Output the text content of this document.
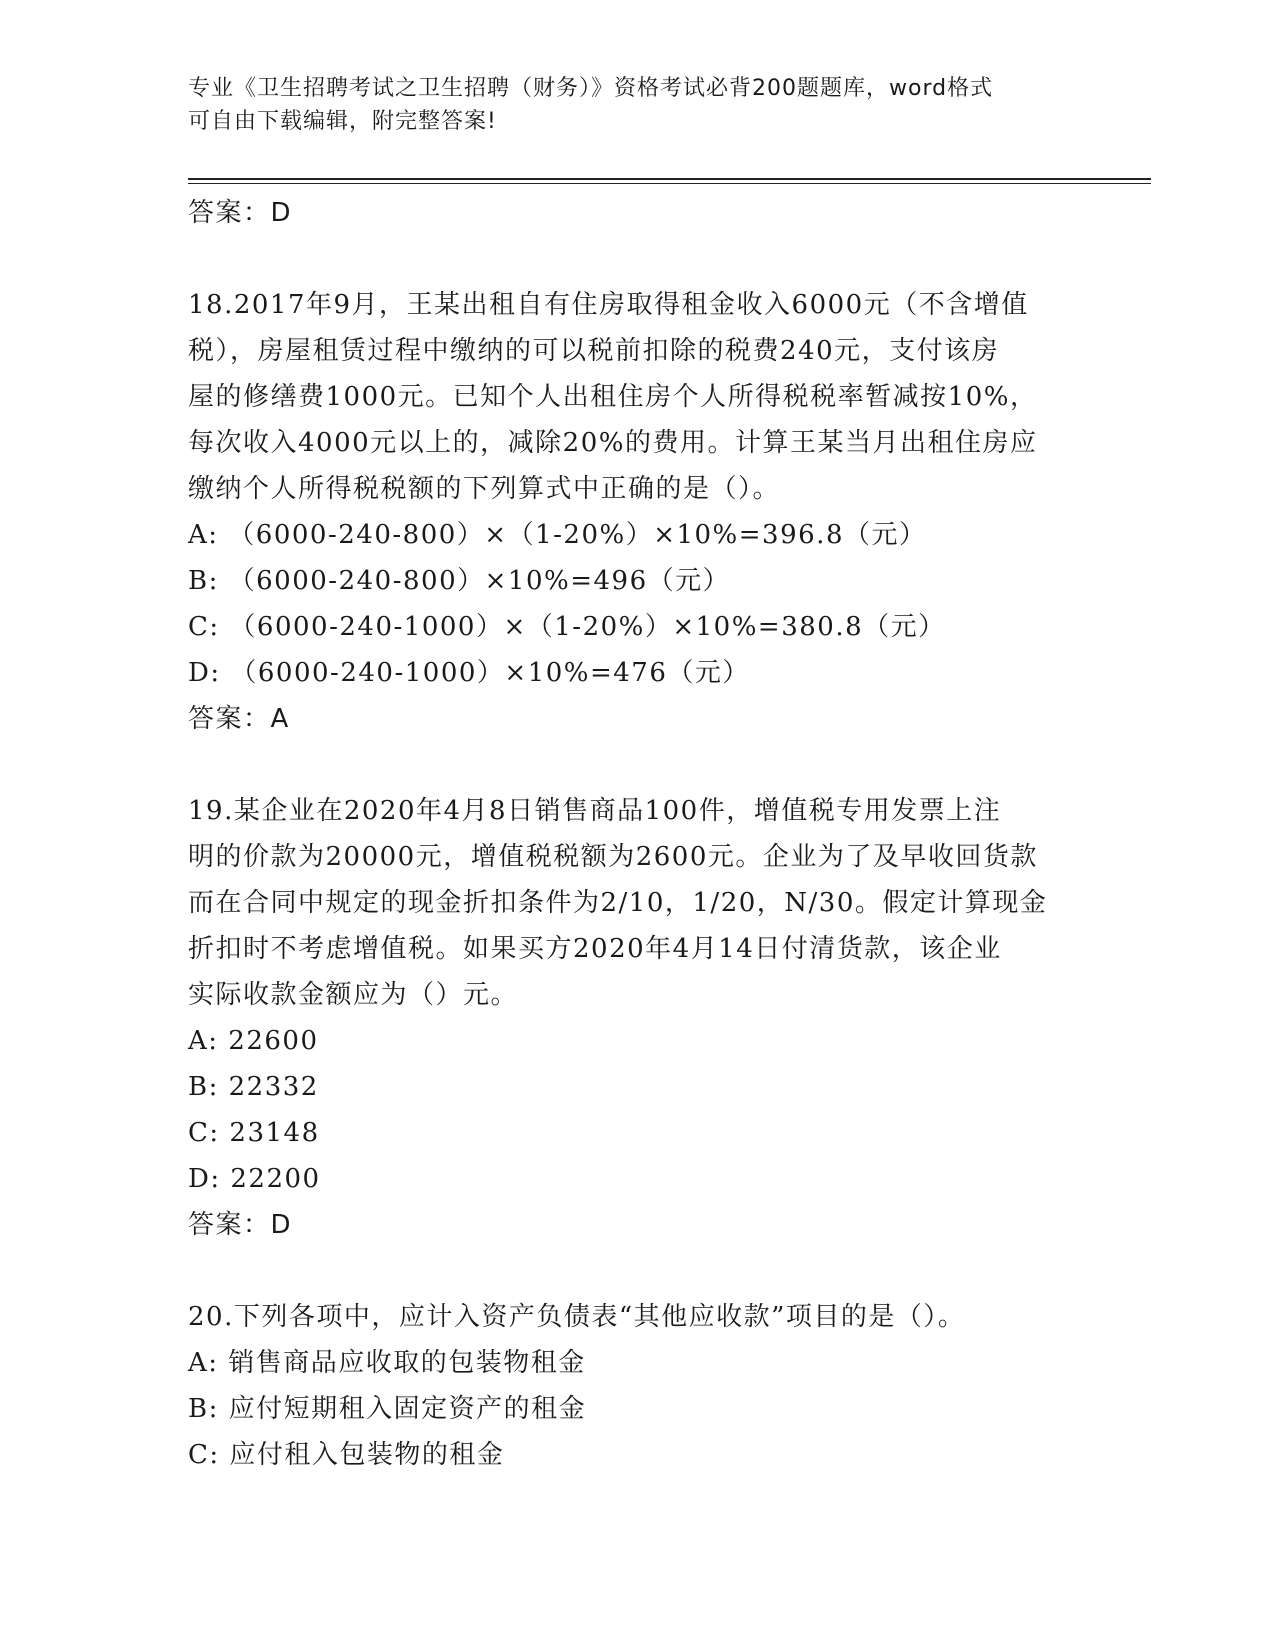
专业《卫生招聘考试之卫生招聘（财务）》资格考试必背200题题库，word格式
可自由下载编辑，附完整答案!
答案：D
18.2017年9月，王某出租自有住房取得租金收入6000元（不含增值
税），房屋租赁过程中缴纳的可以税前扣除的税费240元，支付该房
屋的修缮费1000元。已知个人出租住房个人所得税税率暂减按10%，
每次收入4000元以上的，减除20%的费用。计算王某当月出租住房应
缴纳个人所得税税额的下列算式中正确的是（）。
A: （6000-240-800）×（1-20%）×10%=396.8（元）
B: （6000-240-800）×10%=496（元）
C: （6000-240-1000）×（1-20%）×10%=380.8（元）
D: （6000-240-1000）×10%=476（元）
答案：A
19.某企业在2020年4月8日销售商品100件，增值税专用发票上注
明的价款为20000元，增值税税额为2600元。企业为了及早收回货款
而在合同中规定的现金折扣条件为2/10，1/20，N/30。假定计算现金
折扣时不考虑增值税。如果买方2020年4月14日付清货款，该企业
实际收款金额应为（）元。
A: 22600
B: 22332
C: 23148
D: 22200
答案：D
20.下列各项中，应计入资产负债表“其他应收款”项目的是（）。
A: 销售商品应收取的包装物租金
B: 应付短期租入固定资产的租金
C: 应付租入包装物的租金
